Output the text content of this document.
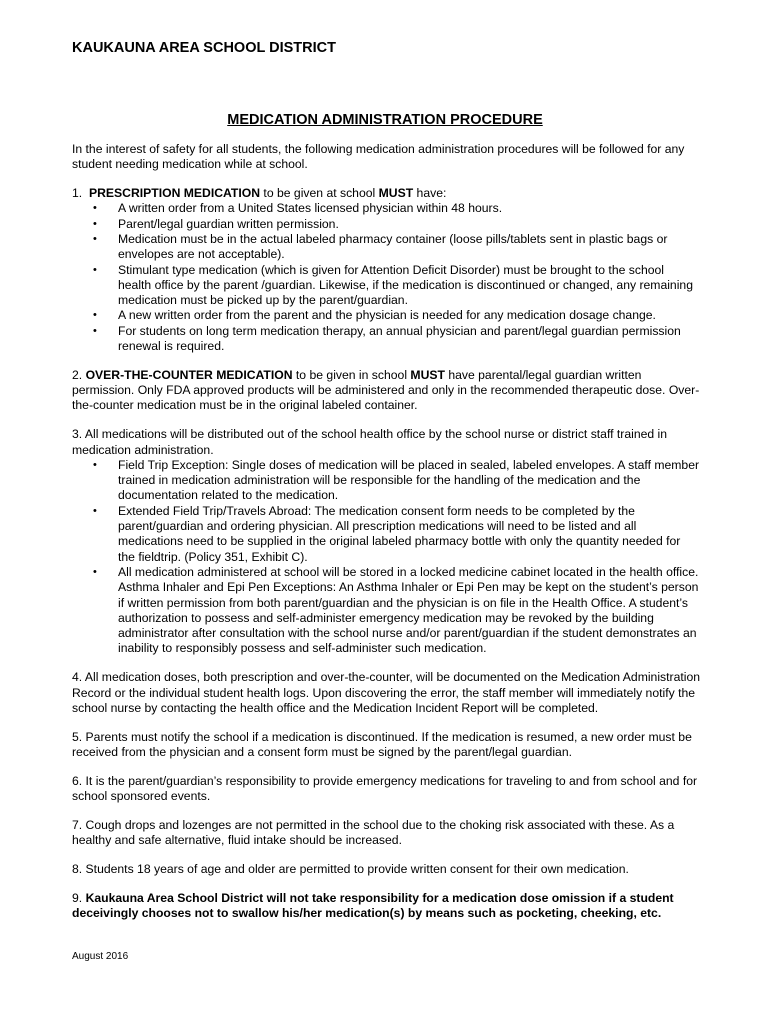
KAUKAUNA AREA SCHOOL DISTRICT
MEDICATION ADMINISTRATION PROCEDURE

In the interest of safety for all students, the following medication administration procedures will be followed for any student needing medication while at school.

1. PRESCRIPTION MEDICATION to be given at school MUST have:

• A written order from a United States licensed physician within 48 hours.
• Parent/legal guardian written permission.
• Medication must be in the actual labeled pharmacy container (loose pills/tablets sent in plastic bags or envelopes are not acceptable).
• Stimulant type medication (which is given for Attention Deficit Disorder) must be brought to the school health office by the parent /guardian. Likewise, if the medication is discontinued or changed, any remaining medication must be picked up by the parent/guardian.
• A new written order from the parent and the physician is needed for any medication dosage change.
• For students on long term medication therapy, an annual physician and parent/legal guardian permission renewal is required.

2. OVER-THE-COUNTER MEDICATION to be given in school MUST have parental/legal guardian written permission. Only FDA approved products will be administered and only in the recommended therapeutic dose. Over-the-counter medication must be in the original labeled container.

3. All medications will be distributed out of the school health office by the school nurse or district staff trained in medication administration.

• Field Trip Exception: Single doses of medication will be placed in sealed, labeled envelopes. A staff member trained in medication administration will be responsible for the handling of the medication and the documentation related to the medication.
• Extended Field Trip/Travels Abroad: The medication consent form needs to be completed by the parent/guardian and ordering physician. All prescription medications will need to be listed and all medications need to be supplied in the original labeled pharmacy bottle with only the quantity needed for the fieldtrip. (Policy 351, Exhibit C).
• All medication administered at school will be stored in a locked medicine cabinet located in the health office. Asthma Inhaler and Epi Pen Exceptions: An Asthma Inhaler or Epi Pen may be kept on the student’s person if written permission from both parent/guardian and the physician is on file in the Health Office. A student’s authorization to possess and self-administer emergency medication may be revoked by the building administrator after consultation with the school nurse and/or parent/guardian if the student demonstrates an inability to responsibly possess and self-administer such medication.

4. All medication doses, both prescription and over-the-counter, will be documented on the Medication Administration Record or the individual student health logs. Upon discovering the error, the staff member will immediately notify the school nurse by contacting the health office and the Medication Incident Report will be completed.

5. Parents must notify the school if a medication is discontinued. If the medication is resumed, a new order must be received from the physician and a consent form must be signed by the parent/legal guardian.

6. It is the parent/guardian’s responsibility to provide emergency medications for traveling to and from school and for school sponsored events.

7. Cough drops and lozenges are not permitted in the school due to the choking risk associated with these. As a healthy and safe alternative, fluid intake should be increased.

8. Students 18 years of age and older are permitted to provide written consent for their own medication.

9. Kaukauna Area School District will not take responsibility for a medication dose omission if a student deceivingly chooses not to swallow his/her medication(s) by means such as pocketing, cheeking, etc.

August 2016
